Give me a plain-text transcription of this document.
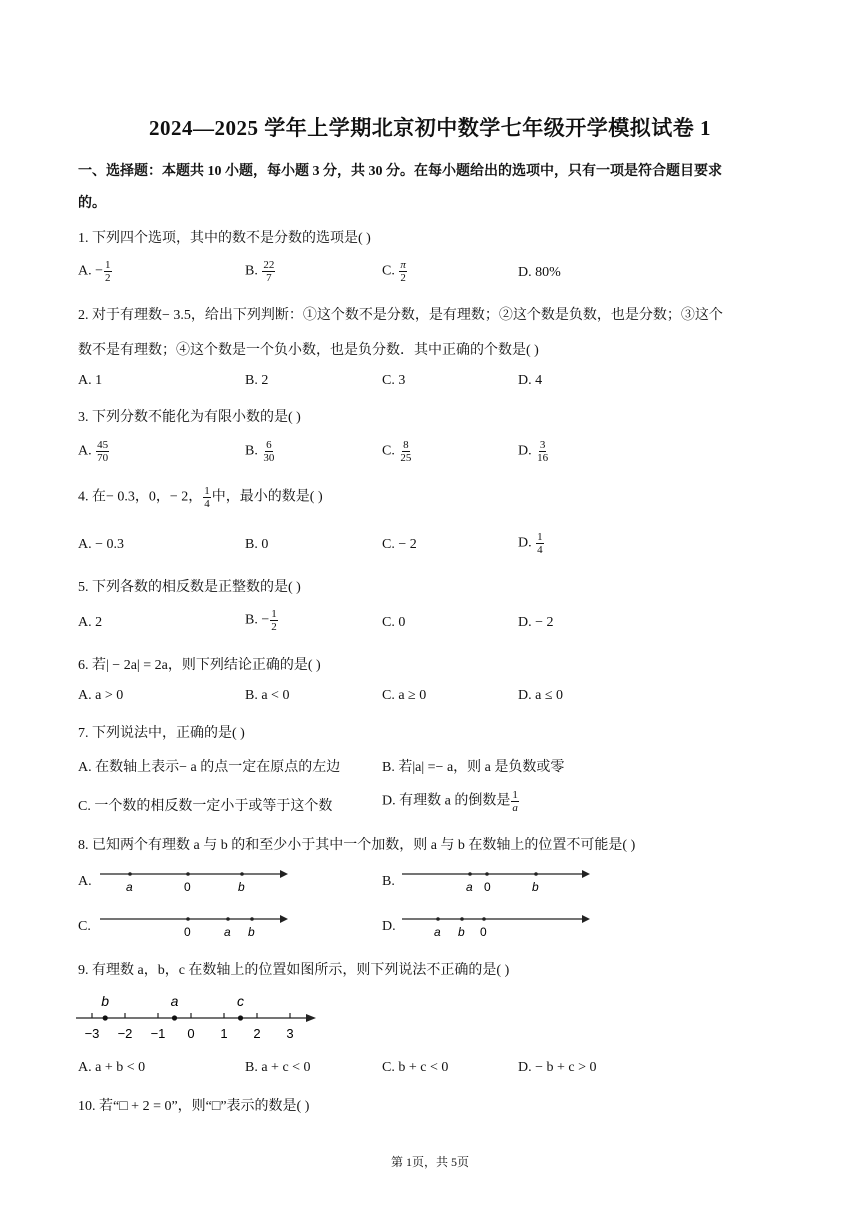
2024—2025 学年上学期北京初中数学七年级开学模拟试卷 1
一、选择题：本题共 10 小题，每小题 3 分，共 30 分。在每小题给出的选项中，只有一项是符合题目要求
的。
1. 下列四个选项，其中的数不是分数的选项是( )
A. − $\frac{1}{2}$	B. $\frac{22}{7}$	C. $\frac{\pi}{2}$	D. 80%
2. 对于有理数− 3.5，给出下列判断：①这个数不是分数，是有理数；②这个数是负数，也是分数；③这个
数不是有理数；④这个数是一个负小数，也是负分数．其中正确的个数是( )
A. 1	B. 2	C. 3	D. 4
3. 下列分数不能化为有限小数的是( )
A. $\frac{45}{70}$	B. $\frac{6}{30}$	C. $\frac{8}{25}$	D. $\frac{3}{16}$
4. 在− 0.3，0，− 2， $\frac{1}{4}$ 中，最小的数是( )
A. − 0.3	B. 0	C. − 2	D. $\frac{1}{4}$
5. 下列各数的相反数是正整数的是( )
A. 2	B. − $\frac{1}{2}$	C. 0	D. − 2
6. 若| − 2a| = 2a，则下列结论正确的是( )
A. a > 0	B. a < 0	C. a ≥ 0	D. a ≤ 0
7. 下列说法中，正确的是( )
A. 在数轴上表示− a 的点一定在原点的左边	B. 若|a| =− a，则 a 是负数或零
C. 一个数的相反数一定小于或等于这个数	D. 有理数 a 的倒数是 $\frac{1}{a}$
8. 已知两个有理数 a 与 b 的和至少小于其中一个加数，则 a 与 b 在数轴上的位置不可能是( )
A.	a	0	b	B.	a 0	b
C.	0	a b	D.	a b 0
9. 有理数 a，b，c 在数轴上的位置如图所示，则下列说法不正确的是( )
−3 −2 −1 0 1 2 3
b	a	c
A. a + b < 0	B. a + c < 0	C. b + c < 0	D. − b + c > 0
10. 若“□ + 2 = 0”，则“□”表示的数是( )
第 1页，共 5页
